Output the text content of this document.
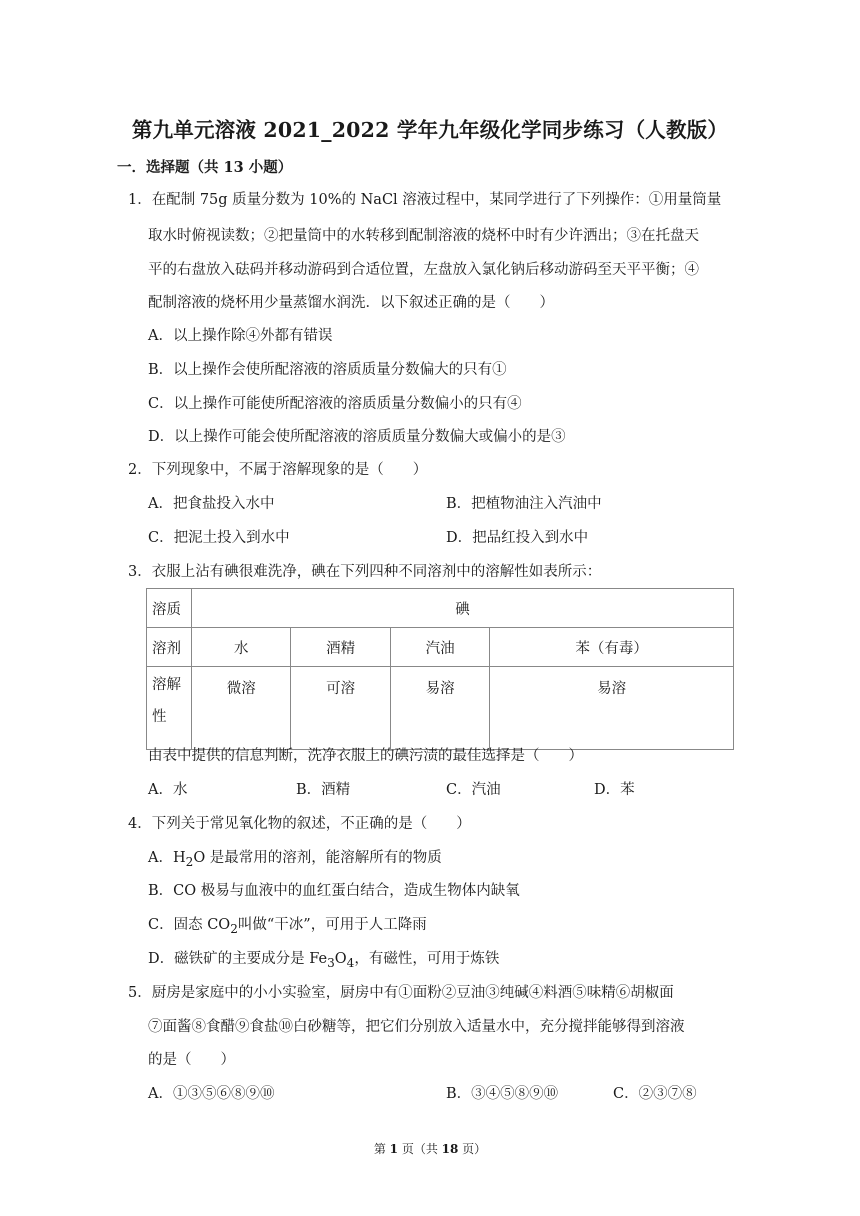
第九单元溶液 2021_2022 学年九年级化学同步练习（人教版）
一．选择题（共 13 小题）
1．在配制 75g 质量分数为 10%的 NaCl 溶液过程中，某同学进行了下列操作：①用量筒量
取水时俯视读数；②把量筒中的水转移到配制溶液的烧杯中时有少许洒出；③在托盘天
平的右盘放入砝码并移动游码到合适位置，左盘放入氯化钠后移动游码至天平平衡；④
配制溶液的烧杯用少量蒸馏水润洗．以下叙述正确的是（　　）
A．以上操作除④外都有错误
B．以上操作会使所配溶液的溶质质量分数偏大的只有①
C．以上操作可能使所配溶液的溶质质量分数偏小的只有④
D．以上操作可能会使所配溶液的溶质质量分数偏大或偏小的是③
2．下列现象中，不属于溶解现象的是（　　）
A．把食盐投入水中	B．把植物油注入汽油中
C．把泥土投入到水中	D．把品红投入到水中
3．衣服上沾有碘很难洗净，碘在下列四种不同溶剂中的溶解性如表所示：
溶质	碘			
溶剂	水	酒精	汽油	苯（有毒）
溶解
性	微溶	可溶	易溶	易溶
由表中提供的信息判断，洗净衣服上的碘污渍的最佳选择是（　　）
A．水	B．酒精	C．汽油	D．苯
4．下列关于常见氧化物的叙述，不正确的是（　　）
A．$H_2O$ 是最常用的溶剂，能溶解所有的物质
B．CO 极易与血液中的血红蛋白结合，造成生物体内缺氧
C．固态 $CO_2$叫做“干冰”，可用于人工降雨
D．磁铁矿的主要成分是 $Fe_3O_4$，有磁性，可用于炼铁
5．厨房是家庭中的小小实验室，厨房中有①面粉②豆油③纯碱④料酒⑤味精⑥胡椒面
⑦面酱⑧食醋⑨食盐⑩白砂糖等，把它们分别放入适量水中，充分搅拌能够得到溶液
的是（　　）
A．①③⑤⑥⑧⑨⑩	B．③④⑤⑧⑨⑩	C．②③⑦⑧
第 1 页（共 18 页）
